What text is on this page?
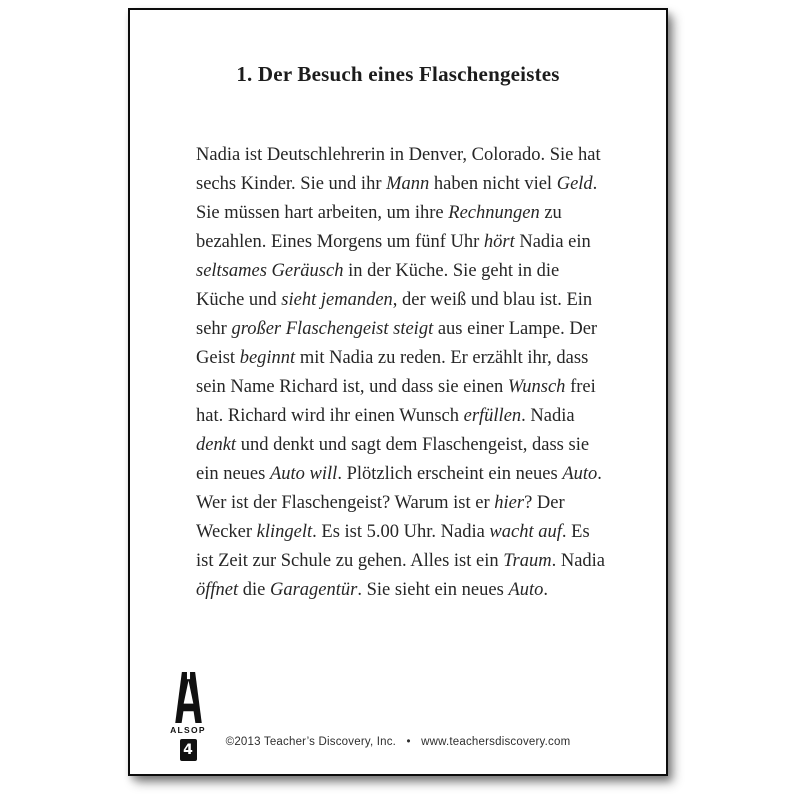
1. Der Besuch eines Flaschengeistes

Nadia ist Deutschlehrerin in Denver, Colorado. Sie hat sechs Kinder. Sie und ihr Mann haben nicht viel Geld. Sie müssen hart arbeiten, um ihre Rechnungen zu bezahlen. Eines Morgens um fünf Uhr hört Nadia ein seltsames Geräusch in der Küche. Sie geht in die Küche und sieht jemanden, der weiß und blau ist. Ein sehr großer Flaschengeist steigt aus einer Lampe. Der Geist beginnt mit Nadia zu reden. Er erzählt ihr, dass sein Name Richard ist, und dass sie einen Wunsch frei hat. Richard wird ihr einen Wunsch erfüllen. Nadia denkt und denkt und sagt dem Flaschengeist, dass sie ein neues Auto will. Plötzlich erscheint ein neues Auto. Wer ist der Flaschengeist? Warum ist er hier? Der Wecker klingelt. Es ist 5.00 Uhr. Nadia wacht auf. Es ist Zeit zur Schule zu gehen. Alles ist ein Traum. Nadia öffnet die Garagentür. Sie sieht ein neues Auto.

ALSOP
4	©2013 Teacher’s Discovery, Inc. • www.teachersdiscovery.com
